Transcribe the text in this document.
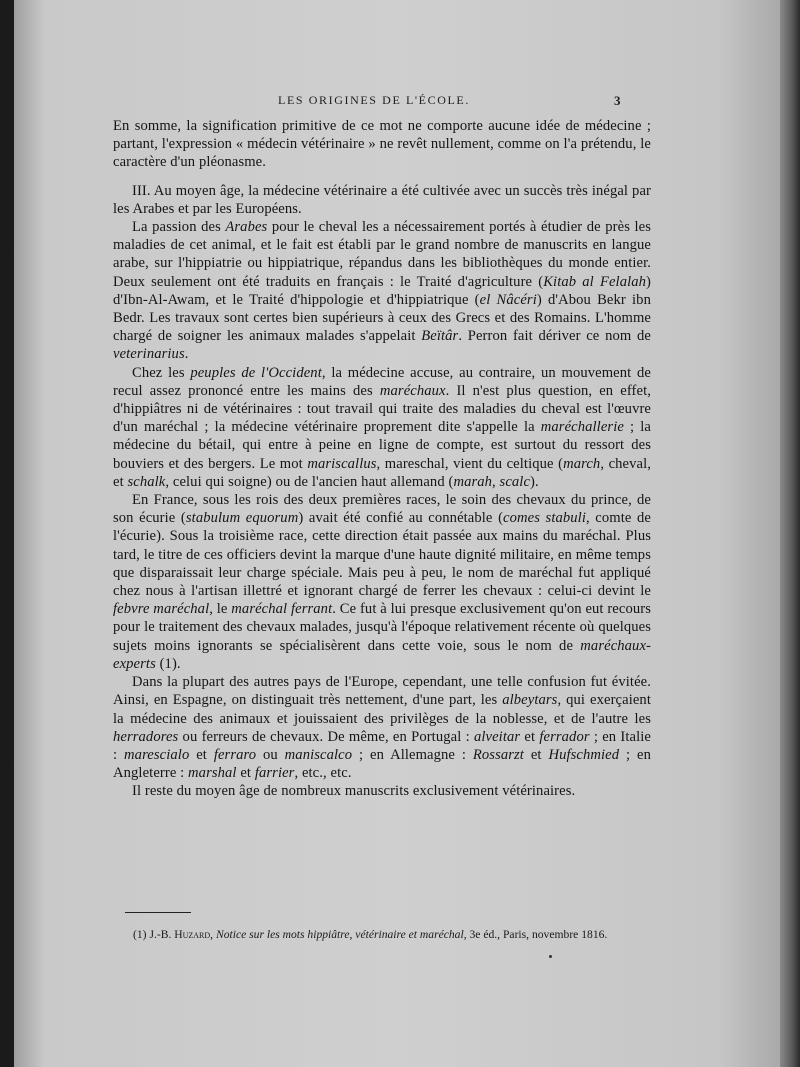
LES ORIGINES DE L'ÉCOLE.	3

En somme, la signification primitive de ce mot ne comporte aucune idée de médecine ; partant, l'expression « médecin vétérinaire » ne revêt nullement, comme on l'a prétendu, le caractère d'un pléonasme.

III. Au moyen âge, la médecine vétérinaire a été cultivée avec un succès très inégal par les Arabes et par les Européens.

La passion des Arabes pour le cheval les a nécessairement portés à étudier de près les maladies de cet animal, et le fait est établi par le grand nombre de manuscrits en langue arabe, sur l'hippiatrie ou hippiatrique, répandus dans les bibliothèques du monde entier. Deux seulement ont été traduits en français : le Traité d'agriculture (Kitab al Felalah) d'Ibn-Al-Awam, et le Traité d'hippologie et d'hippiatrique (el Nâcéri) d'Abou Bekr ibn Bedr. Les travaux sont certes bien supérieurs à ceux des Grecs et des Romains. L'homme chargé de soigner les animaux malades s'appelait Beïtâr. Perron fait dériver ce nom de veterinarius.

Chez les peuples de l'Occident, la médecine accuse, au contraire, un mouvement de recul assez prononcé entre les mains des maréchaux. Il n'est plus question, en effet, d'hippiâtres ni de vétérinaires : tout travail qui traite des maladies du cheval est l'œuvre d'un maréchal ; la médecine vétérinaire proprement dite s'appelle la maréchallerie ; la médecine du bétail, qui entre à peine en ligne de compte, est surtout du ressort des bouviers et des bergers. Le mot mariscallus, mareschal, vient du celtique (march, cheval, et schalk, celui qui soigne) ou de l'ancien haut allemand (marah, scalc).

En France, sous les rois des deux premières races, le soin des chevaux du prince, de son écurie (stabulum equorum) avait été confié au connétable (comes stabuli, comte de l'écurie). Sous la troisième race, cette direction était passée aux mains du maréchal. Plus tard, le titre de ces officiers devint la marque d'une haute dignité militaire, en même temps que disparaissait leur charge spéciale. Mais peu à peu, le nom de maréchal fut appliqué chez nous à l'artisan illettré et ignorant chargé de ferrer les chevaux : celui-ci devint le febvre maréchal, le maréchal ferrant. Ce fut à lui presque exclusivement qu'on eut recours pour le traitement des chevaux malades, jusqu'à l'époque relativement récente où quelques sujets moins ignorants se spécialisèrent dans cette voie, sous le nom de maréchaux-experts (1).

Dans la plupart des autres pays de l'Europe, cependant, une telle confusion fut évitée. Ainsi, en Espagne, on distinguait très nettement, d'une part, les albeytars, qui exerçaient la médecine des animaux et jouissaient des privilèges de la noblesse, et de l'autre les herradores ou ferreurs de chevaux. De même, en Portugal : alveitar et ferrador ; en Italie : marescialo et ferraro ou maniscalco ; en Allemagne : Rossarzt et Hufschmied ; en Angleterre : marshal et farrier, etc., etc.

Il reste du moyen âge de nombreux manuscrits exclusivement vétérinaires.

(1) J.-B. Huzard, Notice sur les mots hippiâtre, vétérinaire et maréchal, 3e éd., Paris, novembre 1816.
